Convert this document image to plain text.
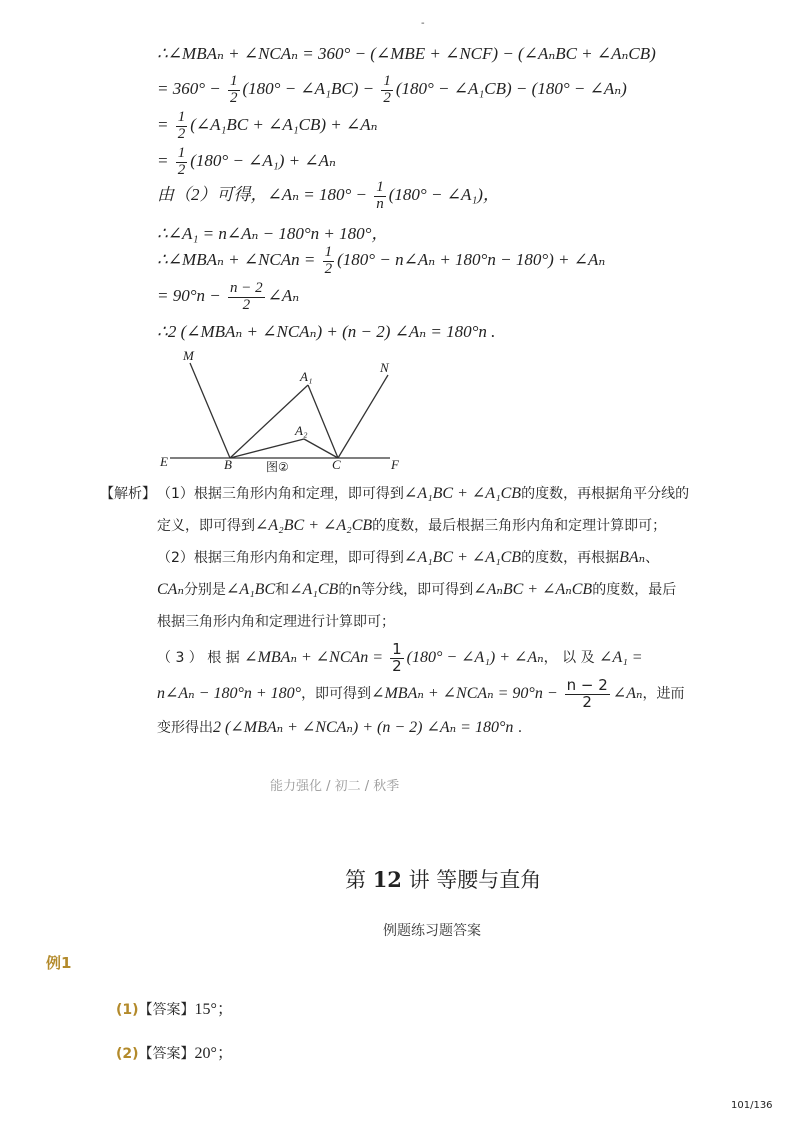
-
∴∠MBAₙ + ∠NCAₙ = 360° − (∠MBE + ∠NCF) − (∠AₙBC + ∠AₙCB)
= $360^\circ - \frac{1}{2} (180^\circ$ − ∠A₁BC) − $\frac{1}{2} (180^\circ$ − ∠A₁CB) − (180° − ∠Aₙ)
= $\frac{1}{2}$ (∠A₁BC + ∠A₁CB) + ∠Aₙ
= $\frac{1}{2} (180^\circ$ − ∠A₁) + ∠Aₙ
由（2）可得，∠Aₙ = $180^\circ - \frac{1}{n} (180^\circ$ − ∠A₁)，
∴∠A₁ = n∠Aₙ − 180°n + 180°，
∴∠MBAₙ + ∠NCAn = $\frac{1}{2} (180^\circ$ − n∠Aₙ + 180°n − 180°) + ∠Aₙ
= $90^\circ n - \frac{n - 2}{2}$ ∠Aₙ
∴2 (∠MBAₙ + ∠NCAₙ) + (n − 2) ∠Aₙ = 180°n .
M
N
A₁
A₂
E	B	C	F
图②
【解析】 （1）根据三角形内角和定理，即可得到∠A₁BC + ∠A₁CB的度数，再根据角平分线的
定义，即可得到∠A₂BC + ∠A₂CB的度数，最后根据三角形内角和定理计算即可；
（2）根据三角形内角和定理，即可得到∠A₁BC + ∠A₁CB的度数，再根据BAₙ、
CAₙ分别是∠A₁BC和∠A₁CB的n等分线，即可得到∠AₙBC + ∠AₙCB的度数，最后
根据三角形内角和定理进行计算即可；
（ 3 ） 根 据 ∠MBAₙ + ∠NCAn = $\frac{1}{2} (180^\circ$ − ∠A₁) + ∠Aₙ， 以 及 ∠A₁ =
n∠Aₙ − 180°n + 180°，即可得到∠MBAₙ + ∠NCAₙ = $90^\circ n - \frac{n - 2}{2}$ ∠Aₙ，进而
变形得出2 (∠MBAₙ + ∠NCAₙ) + (n − 2) ∠Aₙ = 180°n .
能力强化 / 初二 / 秋季
第 12 讲 等腰与直角
例题练习题答案
例1
(1)【答案】15°；
(2)【答案】20°；
101/136
